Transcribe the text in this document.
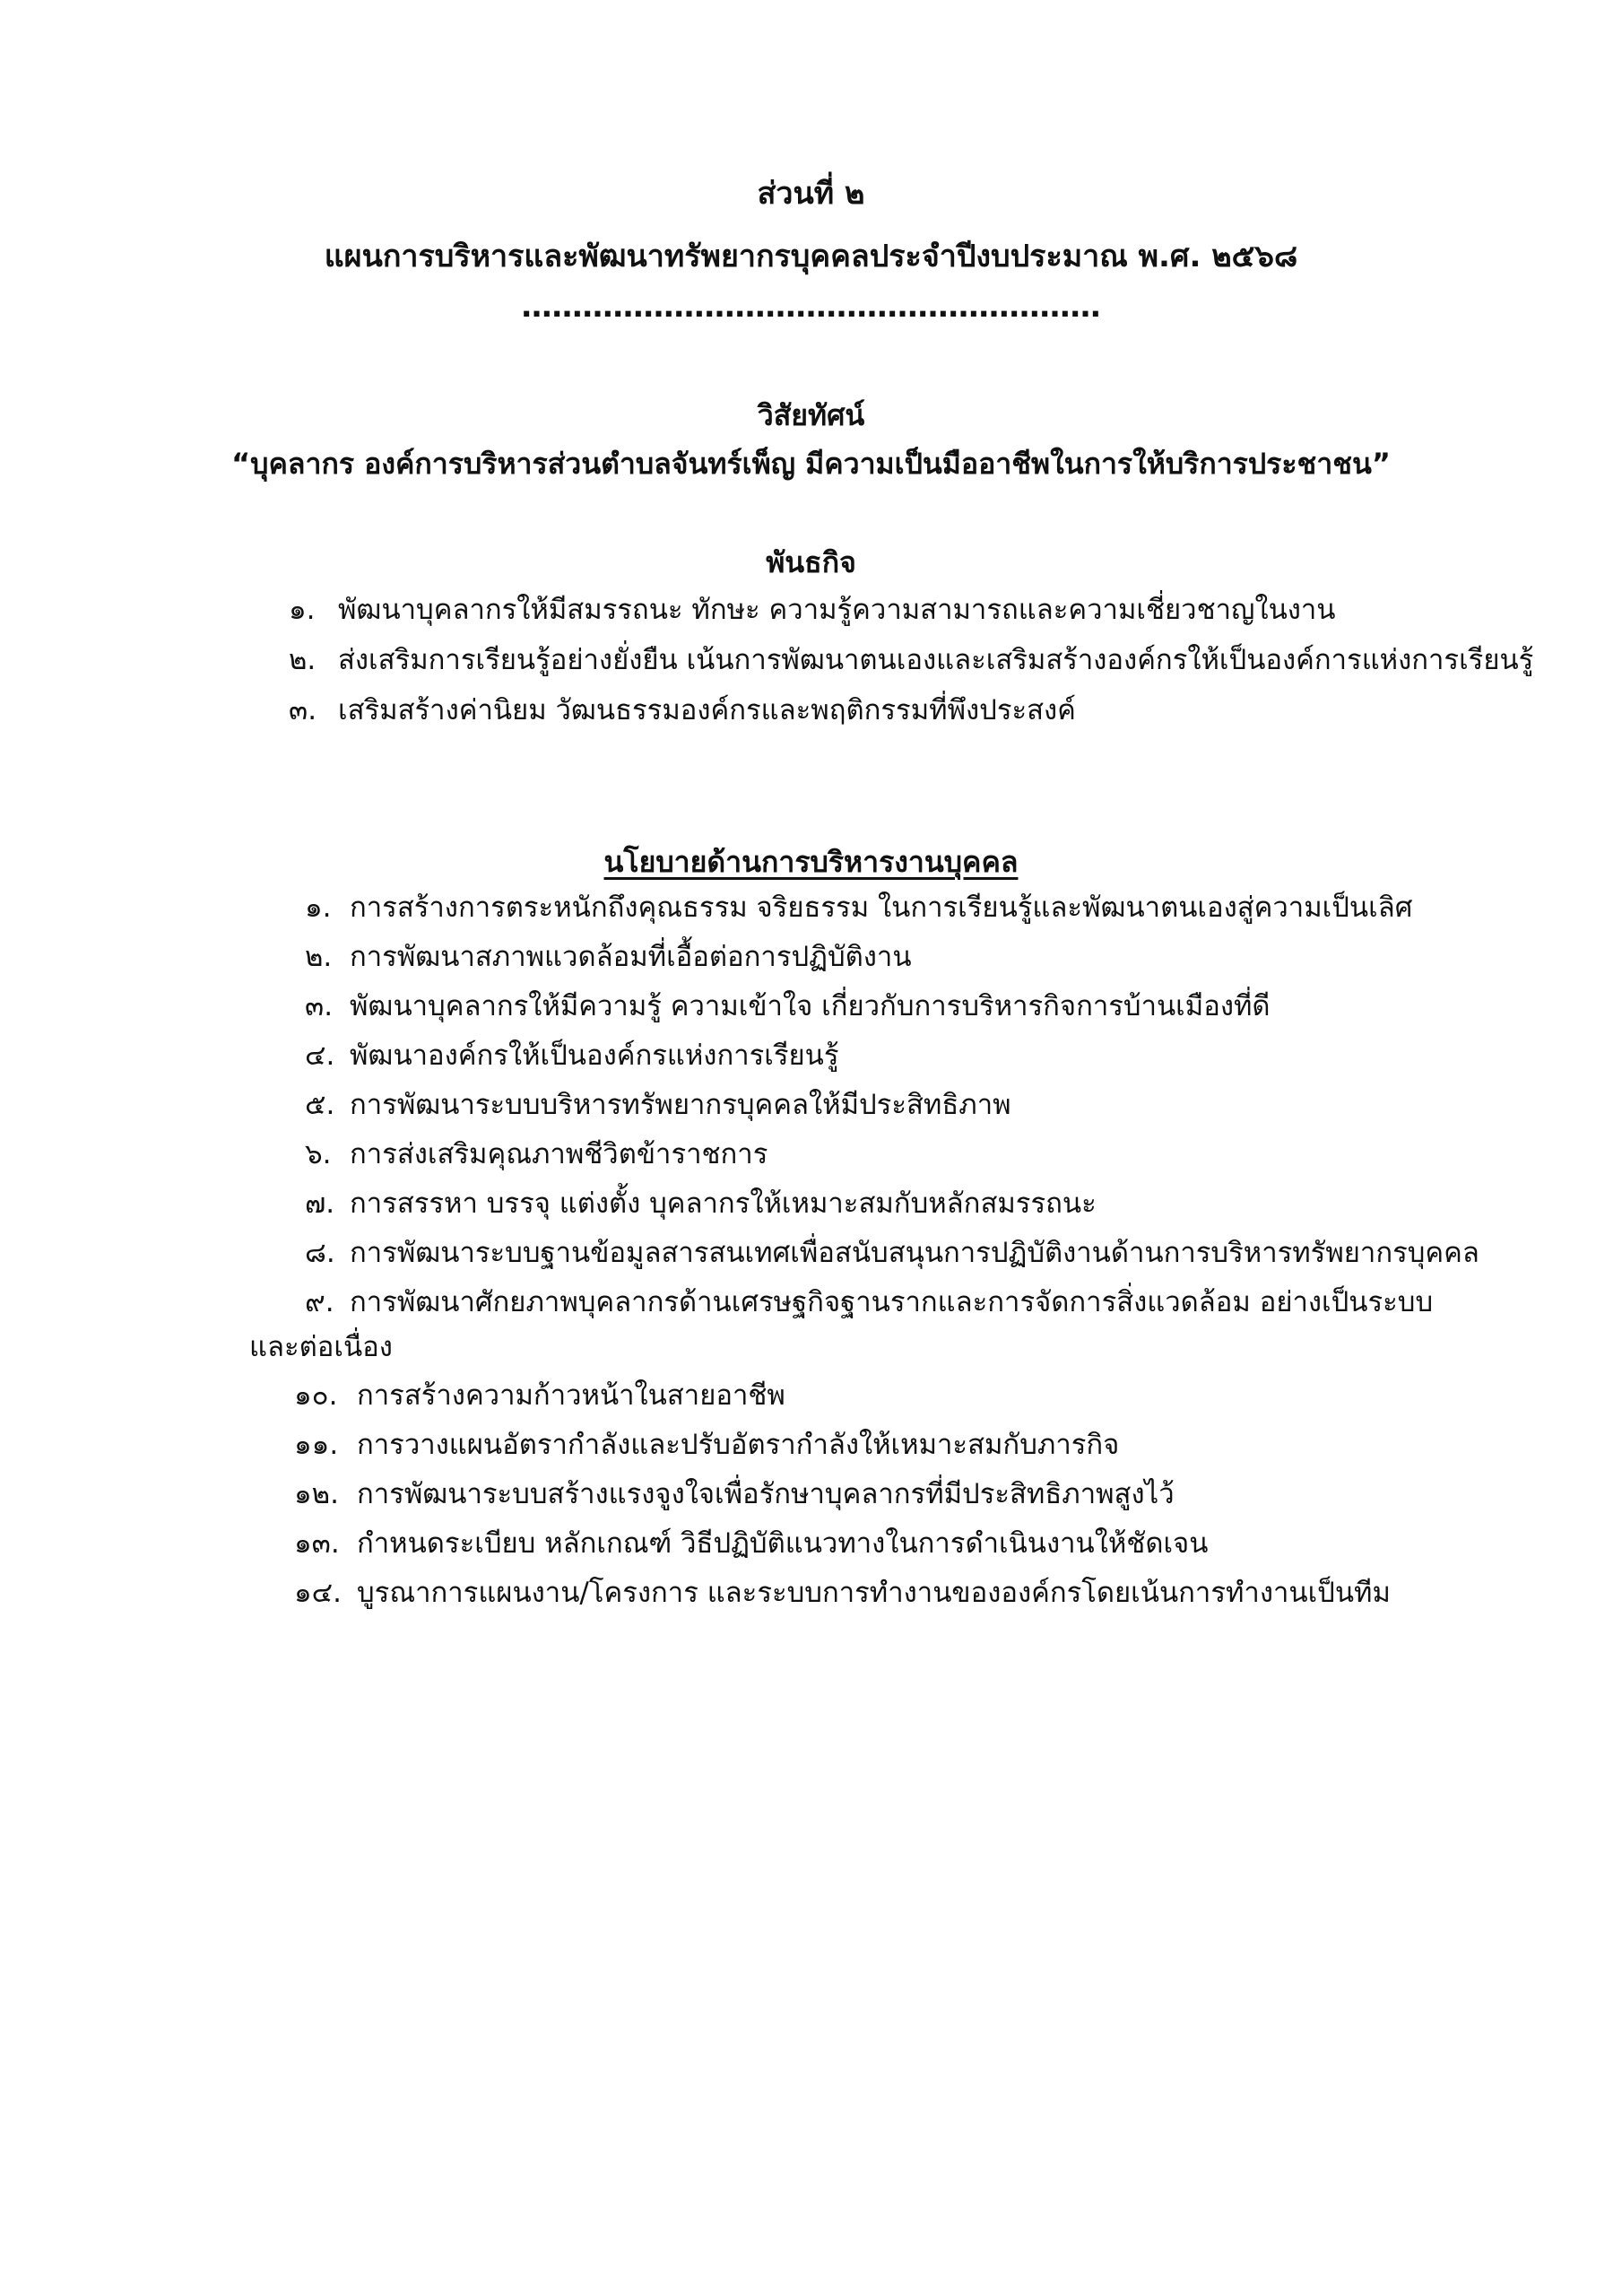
ส่วนที่ ๒
แผนการบริหารและพัฒนาทรัพยากรบุคคลประจำปีงบประมาณ พ.ศ. ๒๕๖๘
…………………………………………………
วิสัยทัศน์
“บุคลากร องค์การบริหารส่วนตำบลจันทร์เพ็ญ มีความเป็นมืออาชีพในการให้บริการประชาชน”
พันธกิจ
๑. พัฒนาบุคลากรให้มีสมรรถนะ ทักษะ ความรู้ความสามารถและความเชี่ยวชาญในงาน
๒. ส่งเสริมการเรียนรู้อย่างยั่งยืน เน้นการพัฒนาตนเองและเสริมสร้างองค์กรให้เป็นองค์การแห่งการเรียนรู้
๓. เสริมสร้างค่านิยม วัฒนธรรมองค์กรและพฤติกรรมที่พึงประสงค์
นโยบายด้านการบริหารงานบุคคล
๑. การสร้างการตระหนักถึงคุณธรรม จริยธรรม ในการเรียนรู้และพัฒนาตนเองสู่ความเป็นเลิศ
๒. การพัฒนาสภาพแวดล้อมที่เอื้อต่อการปฏิบัติงาน
๓. พัฒนาบุคลากรให้มีความรู้ ความเข้าใจ เกี่ยวกับการบริหารกิจการบ้านเมืองที่ดี
๔. พัฒนาองค์กรให้เป็นองค์กรแห่งการเรียนรู้
๕. การพัฒนาระบบบริหารทรัพยากรบุคคลให้มีประสิทธิภาพ
๖. การส่งเสริมคุณภาพชีวิตข้าราชการ
๗. การสรรหา บรรจุ แต่งตั้ง บุคลากรให้เหมาะสมกับหลักสมรรถนะ
๘. การพัฒนาระบบฐานข้อมูลสารสนเทศเพื่อสนับสนุนการปฏิบัติงานด้านการบริหารทรัพยากรบุคคล
๙. การพัฒนาศักยภาพบุคลากรด้านเศรษฐกิจฐานรากและการจัดการสิ่งแวดล้อม อย่างเป็นระบบ
และต่อเนื่อง
๑๐. การสร้างความก้าวหน้าในสายอาชีพ
๑๑. การวางแผนอัตรากำลังและปรับอัตรากำลังให้เหมาะสมกับภารกิจ
๑๒. การพัฒนาระบบสร้างแรงจูงใจเพื่อรักษาบุคลากรที่มีประสิทธิภาพสูงไว้
๑๓. กำหนดระเบียบ หลักเกณฑ์ วิธีปฏิบัติแนวทางในการดำเนินงานให้ชัดเจน
๑๔. บูรณาการแผนงาน/โครงการ และระบบการทำงานขององค์กรโดยเน้นการทำงานเป็นทีม
